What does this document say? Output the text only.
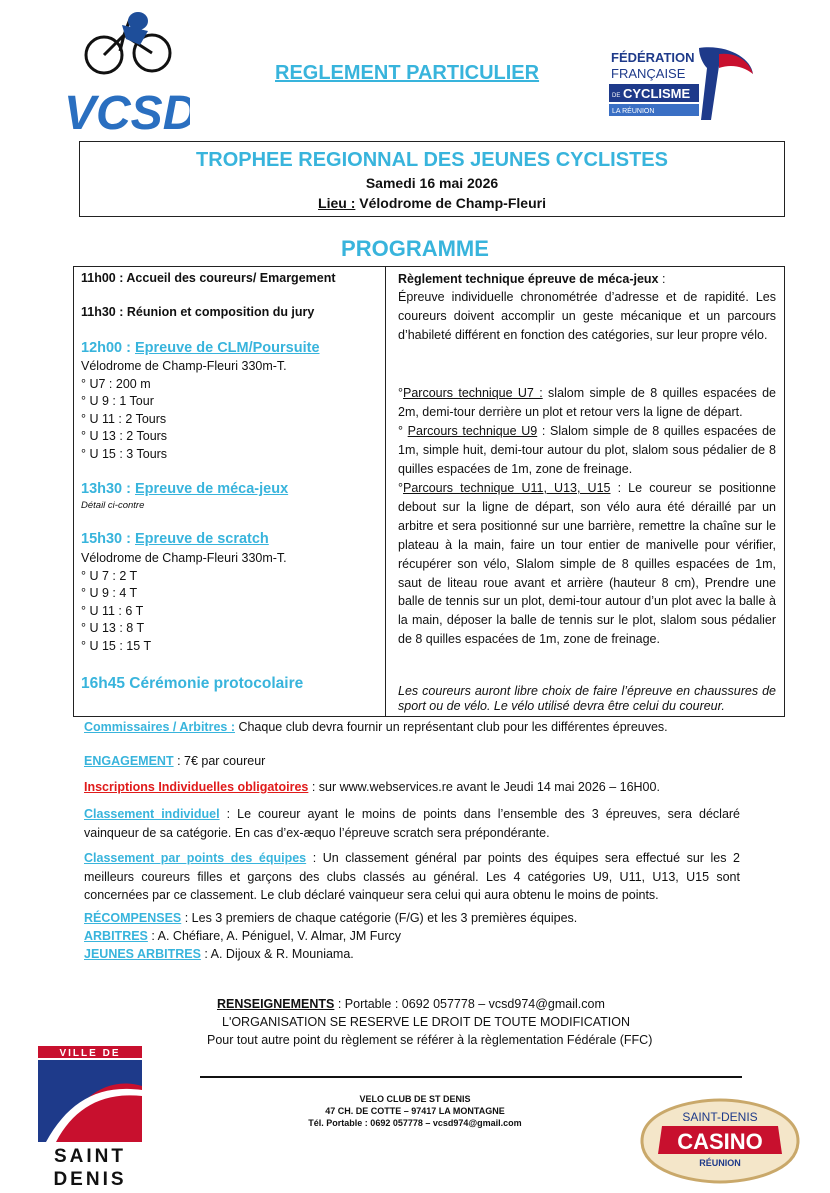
VCSD
REGLEMENT PARTICULIER
FÉDÉRATION
FRANÇAISE
DE CYCLISME
LA RÉUNION
TROPHEE REGIONNAL DES JEUNES CYCLISTES
Samedi 16 mai 2026
Lieu : Vélodrome de Champ-Fleuri
PROGRAMME
11h00 : Accueil des coureurs/ Emargement
11h30 : Réunion et composition du jury
12h00 : Epreuve de CLM/Poursuite
Vélodrome de Champ-Fleuri 330m-T.
° U7 : 200 m
° U 9 : 1 Tour
° U 11 : 2 Tours
° U 13 : 2 Tours
° U 15 : 3 Tours
13h30 : Epreuve de méca-jeux
Détail ci-contre
15h30 : Epreuve de scratch
Vélodrome de Champ-Fleuri 330m-T.
° U 7 : 2 T
° U 9 : 4 T
° U 11 : 6 T
° U 13 : 8 T
° U 15 : 15 T
16h45 Cérémonie protocolaire
Règlement technique épreuve de méca-jeux :
Épreuve individuelle chronométrée d’adresse et de rapidité. Les coureurs doivent accomplir un geste mécanique et un parcours d’habileté différent en fonction des catégories, sur leur propre vélo.
°Parcours technique U7 : slalom simple de 8 quilles espacées de 2m, demi-tour derrière un plot et retour vers la ligne de départ.
° Parcours technique U9 : Slalom simple de 8 quilles espacées de 1m, simple huit, demi-tour autour du plot, slalom sous pédalier de 8 quilles espacées de 1m, zone de freinage.
°Parcours technique U11, U13, U15 : Le coureur se positionne debout sur la ligne de départ, son vélo aura été déraillé par un arbitre et sera positionné sur une barrière, remettre la chaîne sur le plateau à la main, faire un tour entier de manivelle pour vérifier, récupérer son vélo, Slalom simple de 8 quilles espacées de 1m, saut de liteau roue avant et arrière (hauteur 8 cm), Prendre une balle de tennis sur un plot, demi-tour autour d’un plot avec la balle à la main, déposer la balle de tennis sur le plot, slalom sous pédalier de 8 quilles espacées de 1m, zone de freinage.
Les coureurs auront libre choix de faire l’épreuve en chaussures de sport ou de vélo. Le vélo utilisé devra être celui du coureur.
Commissaires / Arbitres : Chaque club devra fournir un représentant club pour les différentes épreuves.
ENGAGEMENT : 7€ par coureur
Inscriptions Individuelles obligatoires : sur www.webservices.re avant le Jeudi 14 mai 2026 – 16H00.
Classement individuel : Le coureur ayant le moins de points dans l’ensemble des 3 épreuves, sera déclaré vainqueur de sa catégorie. En cas d’ex-æquo l’épreuve scratch sera prépondérante.
Classement par points des équipes : Un classement général par points des équipes sera effectué sur les 2 meilleurs coureurs filles et garçons des clubs classés au général. Les 4 catégories U9, U11, U13, U15 sont concernées par ce classement. Le club déclaré vainqueur sera celui qui aura obtenu le moins de points.
RÉCOMPENSES : Les 3 premiers de chaque catégorie (F/G) et les 3 premières équipes.
ARBITRES : A. Chéfiare, A. Péniguel, V. Almar, JM Furcy
JEUNES ARBITRES : A. Dijoux & R. Mouniama.
RENSEIGNEMENTS : Portable : 0692 057778 – vcsd974@gmail.com
L'ORGANISATION SE RESERVE LE DROIT DE TOUTE MODIFICATION
Pour tout autre point du règlement se référer à la règlementation Fédérale (FFC)
VILLE DE
SAINT
DENIS
VELO CLUB DE ST DENIS
47 CH. DE COTTE – 97417 LA MONTAGNE
Tél. Portable : 0692 057778 – vcsd974@gmail.com	SAINT-DENIS
CASINO
RÉUNION
